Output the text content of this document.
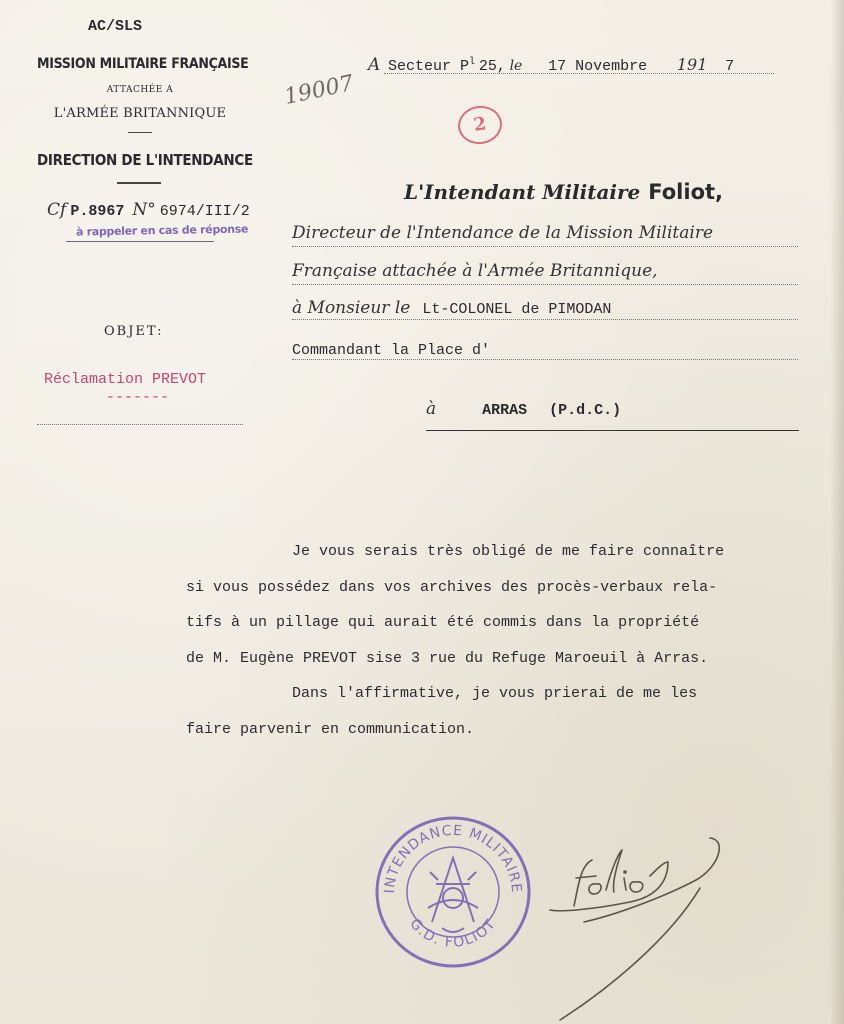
AC/SLS
MISSION MILITAIRE FRANÇAISE
ATTACHÉE A
L'ARMÉE BRITANNIQUE
DIRECTION DE L'INTENDANCE
Cf P.8967 N° 6974/III/2
à rappeler en cas de réponse
OBJET:
Réclamation PREVOT
-------
A Secteur $P^l$ 25, le 17 Novembre 191 7
19007
2
L'Intendant Militaire Foliot,
Directeur de l'Intendance de la Mission Militaire
Française attachée à l'Armée Britannique,
à Monsieur le Lt-COLONEL de PIMODAN
Commandant la Place d'
à	ARRAS (P.d.C.)
Je vous serais très obligé de me faire connaître
si vous possédez dans vos archives des procès-verbaux rela-
tifs à un pillage qui aurait été commis dans la propriété
de M. Eugène PREVOT sise 3 rue du Refuge Maroeuil à Arras.
Dans l'affirmative, je vous prierai de me les
faire parvenir en communication.
INTENDANCE MILITAIRE
G.D. FOLIOT
